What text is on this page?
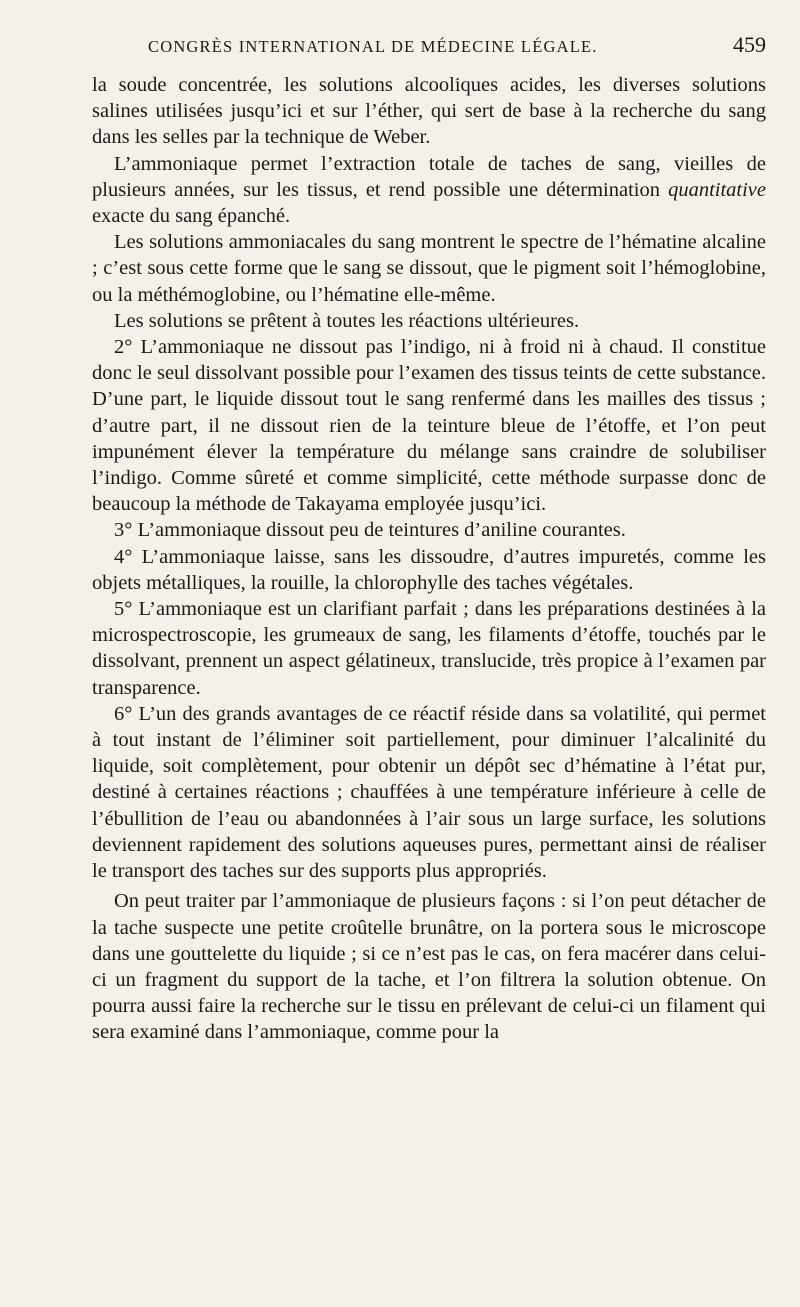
CONGRÈS INTERNATIONAL DE MÉDECINE LÉGALE.	459

la soude concentrée, les solutions alcooliques acides, les diverses solutions salines utilisées jusqu’ici et sur l’éther, qui sert de base à la recherche du sang dans les selles par la technique de Weber.

L’ammoniaque permet l’extraction totale de taches de sang, vieilles de plusieurs années, sur les tissus, et rend possible une détermination quantitative exacte du sang épanché.

Les solutions ammoniacales du sang montrent le spectre de l’hématine alcaline ; c’est sous cette forme que le sang se dissout, que le pigment soit l’hémoglobine, ou la méthémoglobine, ou l’hématine elle-même.

Les solutions se prêtent à toutes les réactions ultérieures.

2° L’ammoniaque ne dissout pas l’indigo, ni à froid ni à chaud. Il constitue donc le seul dissolvant possible pour l’examen des tissus teints de cette substance. D’une part, le liquide dissout tout le sang renfermé dans les mailles des tissus ; d’autre part, il ne dissout rien de la teinture bleue de l’étoffe, et l’on peut impunément élever la température du mélange sans craindre de solubiliser l’indigo. Comme sûreté et comme simplicité, cette méthode surpasse donc de beaucoup la méthode de Takayama employée jusqu’ici.

3° L’ammoniaque dissout peu de teintures d’aniline courantes.

4° L’ammoniaque laisse, sans les dissoudre, d’autres impuretés, comme les objets métalliques, la rouille, la chlorophylle des taches végétales.

5° L’ammoniaque est un clarifiant parfait ; dans les préparations destinées à la microspectroscopie, les grumeaux de sang, les filaments d’étoffe, touchés par le dissolvant, prennent un aspect gélatineux, translucide, très propice à l’examen par transparence.

6° L’un des grands avantages de ce réactif réside dans sa volatilité, qui permet à tout instant de l’éliminer soit partiellement, pour diminuer l’alcalinité du liquide, soit complètement, pour obtenir un dépôt sec d’hématine à l’état pur, destiné à certaines réactions ; chauffées à une température inférieure à celle de l’ébullition de l’eau ou abandonnées à l’air sous un large surface, les solutions deviennent rapidement des solutions aqueuses pures, permettant ainsi de réaliser le transport des taches sur des supports plus appropriés.

On peut traiter par l’ammoniaque de plusieurs façons : si l’on peut détacher de la tache suspecte une petite croûtelle brunâtre, on la portera sous le microscope dans une gouttelette du liquide ; si ce n’est pas le cas, on fera macérer dans celui-ci un fragment du support de la tache, et l’on filtrera la solution obtenue. On pourra aussi faire la recherche sur le tissu en prélevant de celui-ci un filament qui sera examiné dans l’ammoniaque, comme pour la
